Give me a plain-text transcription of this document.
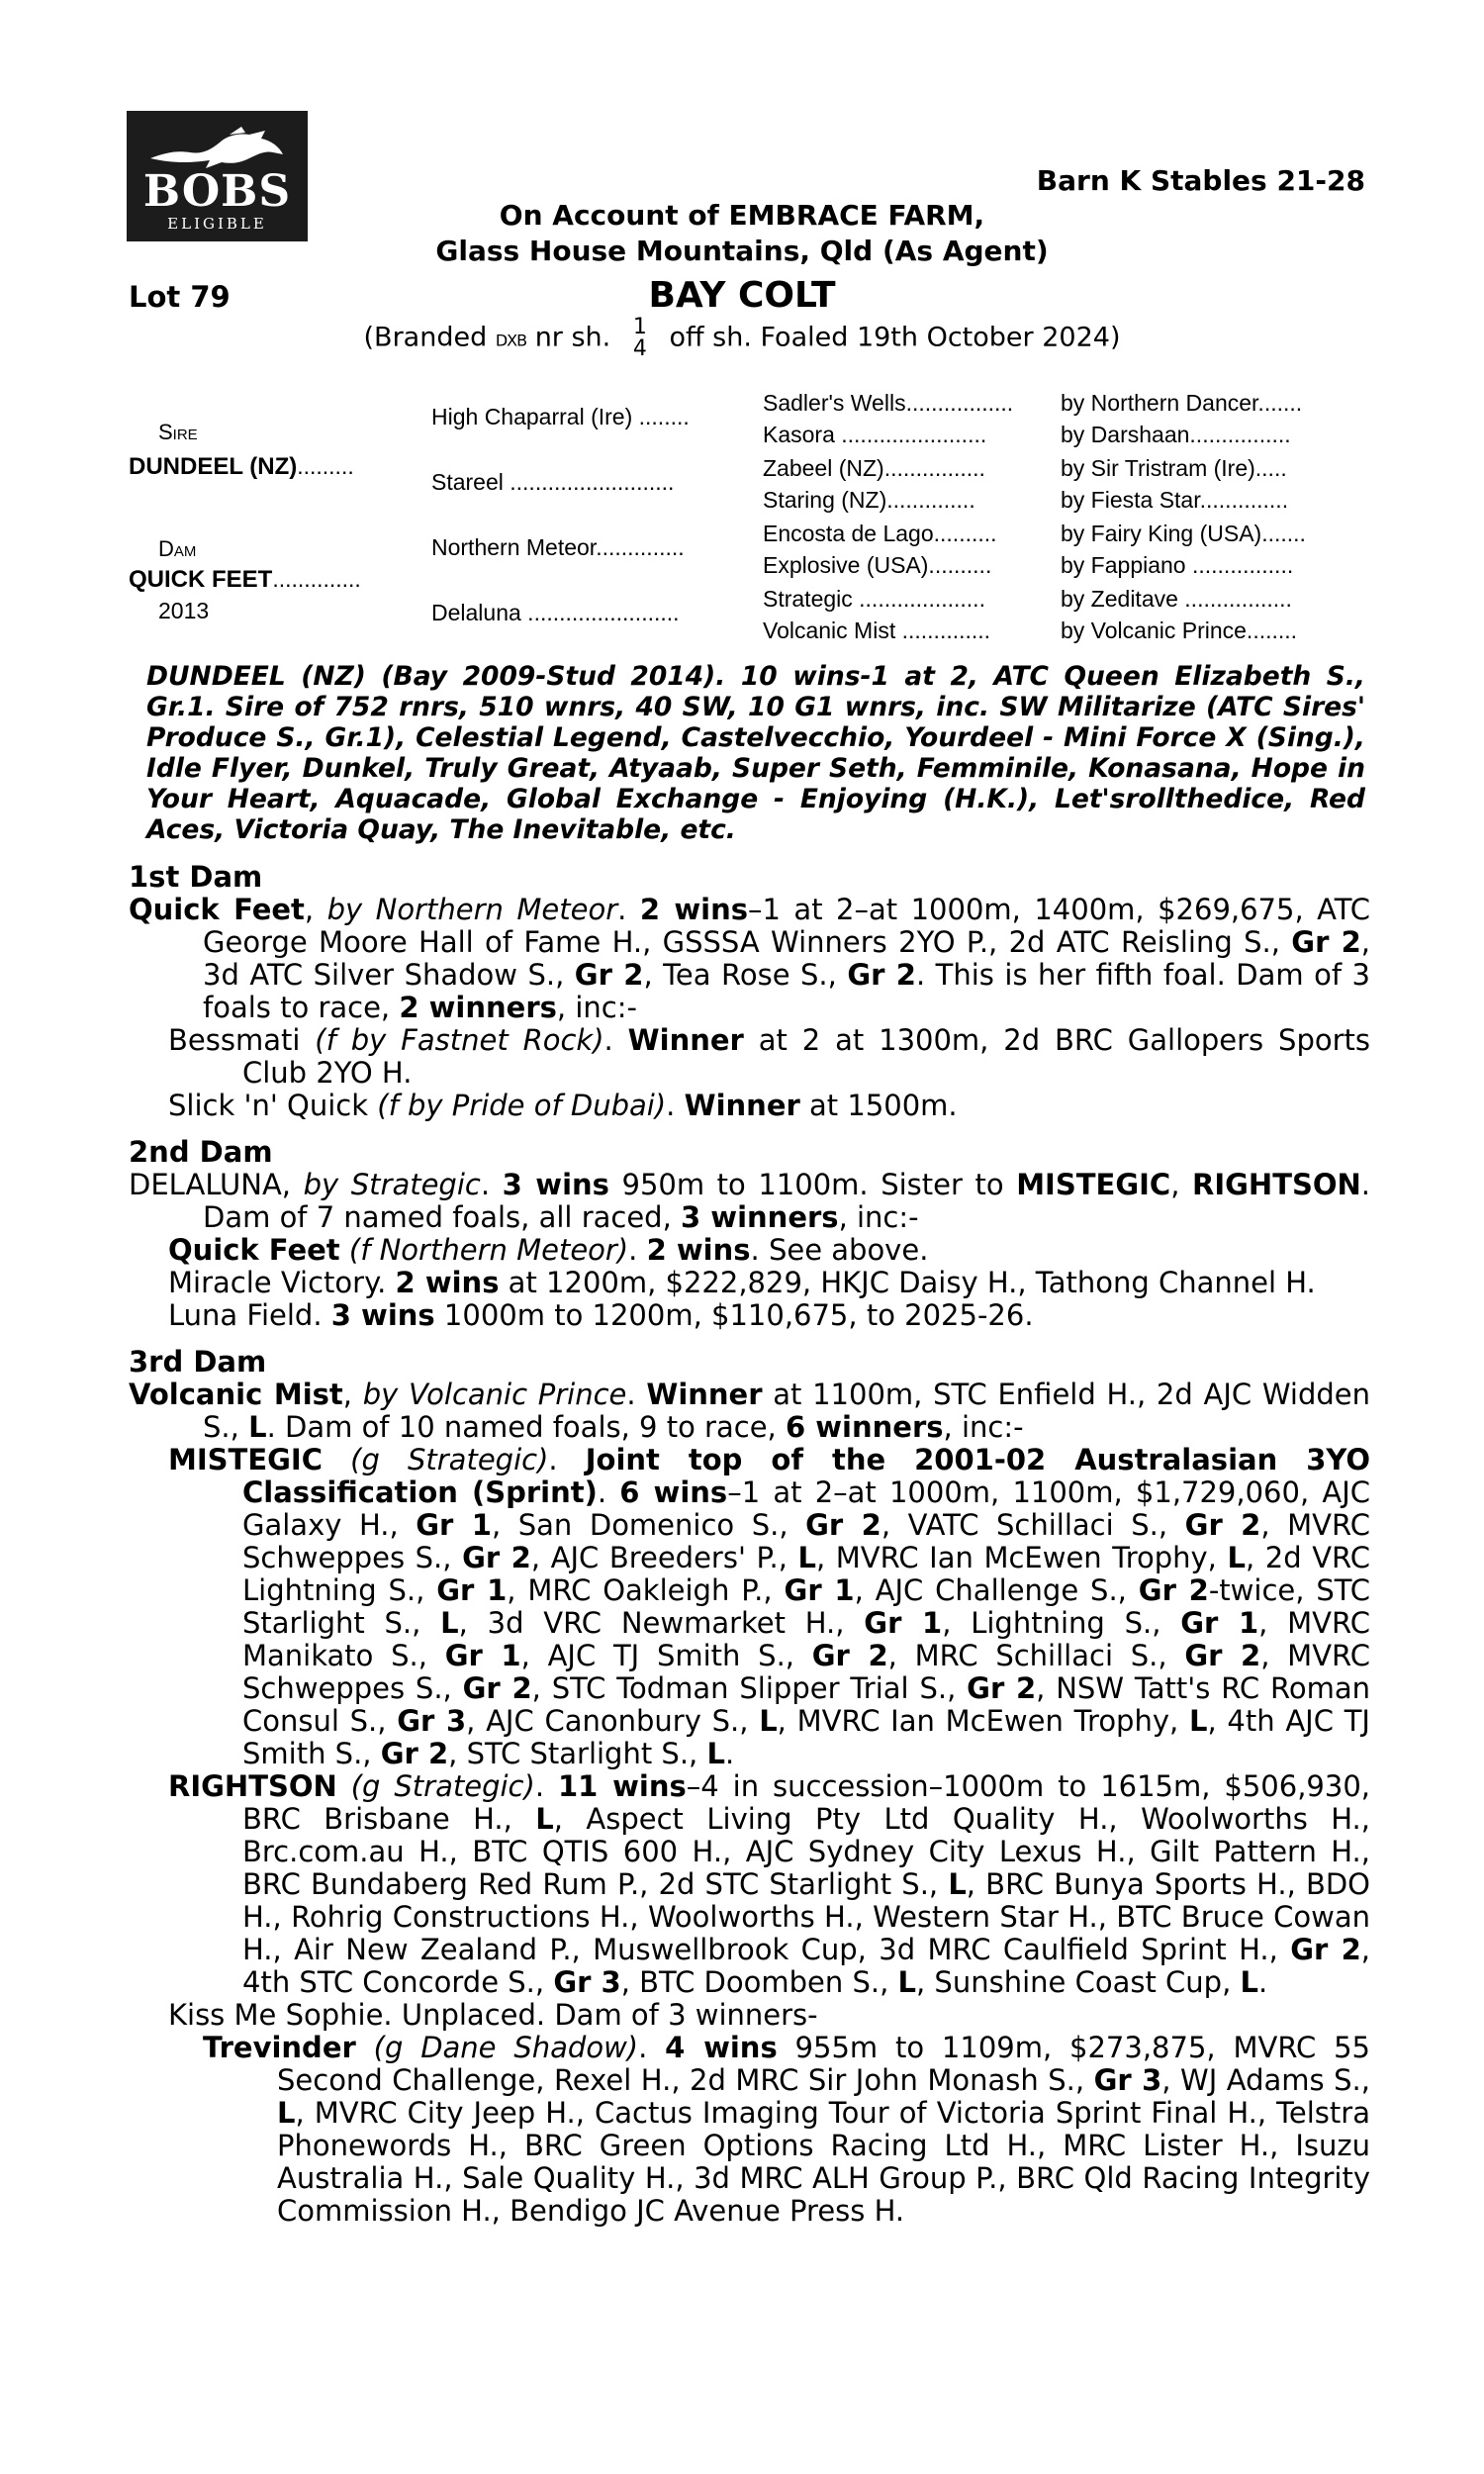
BOBS
ELIGIBLE
Barn K Stables 21-28
On Account of EMBRACE FARM,
Glass House Mountains, Qld (As Agent)
Lot 79	BAY COLT
(Branded DXB nr sh. 1
4 off sh. Foaled 19th October 2024)
Sire
DUNDEEL (NZ).........
Dam
QUICK FEET..............
2013
High Chaparral (Ire) ........
Stareel ..........................
Northern Meteor..............
Delaluna ........................
Sadler's Wells.................
Kasora .......................
Zabeel (NZ)................
Staring (NZ)..............
Encosta de Lago..........
Explosive (USA)..........
Strategic ....................
Volcanic Mist ..............
by Northern Dancer.......
by Darshaan................
by Sir Tristram (Ire).....
by Fiesta Star..............
by Fairy King (USA).......
by Fappiano ................
by Zeditave .................
by Volcanic Prince........
DUNDEEL (NZ) (Bay 2009-Stud 2014). 10 wins-1 at 2, ATC Queen Elizabeth S., Gr.1. Sire of 752 rnrs, 510 wnrs, 40 SW, 10 G1 wnrs, inc. SW Militarize (ATC Sires' Produce S., Gr.1), Celestial Legend, Castelvecchio, Yourdeel - Mini Force X (Sing.), Idle Flyer, Dunkel, Truly Great, Atyaab, Super Seth, Femminile, Konasana, Hope in Your Heart, Aquacade, Global Exchange - Enjoying (H.K.), Let'srollthedice, Red Aces, Victoria Quay, The Inevitable, etc.
1st Dam
Quick Feet, by Northern Meteor. 2 wins–1 at 2–at 1000m, 1400m, $269,675, ATC George Moore Hall of Fame H., GSSSA Winners 2YO P., 2d ATC Reisling S., Gr 2, 3d ATC Silver Shadow S., Gr 2, Tea Rose S., Gr 2. This is her fifth foal. Dam of 3 foals to race, 2 winners, inc:-
Bessmati (f by Fastnet Rock). Winner at 2 at 1300m, 2d BRC Gallopers Sports Club 2YO H.
Slick 'n' Quick (f by Pride of Dubai). Winner at 1500m.
2nd Dam
DELALUNA, by Strategic. 3 wins 950m to 1100m. Sister to MISTEGIC, RIGHTSON. Dam of 7 named foals, all raced, 3 winners, inc:-
Quick Feet (f Northern Meteor). 2 wins. See above.
Miracle Victory. 2 wins at 1200m, $222,829, HKJC Daisy H., Tathong Channel H.
Luna Field. 3 wins 1000m to 1200m, $110,675, to 2025-26.
3rd Dam
Volcanic Mist, by Volcanic Prince. Winner at 1100m, STC Enfield H., 2d AJC Widden S., L. Dam of 10 named foals, 9 to race, 6 winners, inc:-
MISTEGIC (g Strategic). Joint top of the 2001-02 Australasian 3YO Classification (Sprint). 6 wins–1 at 2–at 1000m, 1100m, $1,729,060, AJC Galaxy H., Gr 1, San Domenico S., Gr 2, VATC Schillaci S., Gr 2, MVRC Schweppes S., Gr 2, AJC Breeders' P., L, MVRC Ian McEwen Trophy, L, 2d VRC Lightning S., Gr 1, MRC Oakleigh P., Gr 1, AJC Challenge S., Gr 2-twice, STC Starlight S., L, 3d VRC Newmarket H., Gr 1, Lightning S., Gr 1, MVRC Manikato S., Gr 1, AJC TJ Smith S., Gr 2, MRC Schillaci S., Gr 2, MVRC Schweppes S., Gr 2, STC Todman Slipper Trial S., Gr 2, NSW Tatt's RC Roman Consul S., Gr 3, AJC Canonbury S., L, MVRC Ian McEwen Trophy, L, 4th AJC TJ Smith S., Gr 2, STC Starlight S., L.
RIGHTSON (g Strategic). 11 wins–4 in succession–1000m to 1615m, $506,930, BRC Brisbane H., L, Aspect Living Pty Ltd Quality H., Woolworths H., Brc.com.au H., BTC QTIS 600 H., AJC Sydney City Lexus H., Gilt Pattern H., BRC Bundaberg Red Rum P., 2d STC Starlight S., L, BRC Bunya Sports H., BDO H., Rohrig Constructions H., Woolworths H., Western Star H., BTC Bruce Cowan H., Air New Zealand P., Muswellbrook Cup, 3d MRC Caulfield Sprint H., Gr 2, 4th STC Concorde S., Gr 3, BTC Doomben S., L, Sunshine Coast Cup, L.
Kiss Me Sophie. Unplaced. Dam of 3 winners-
Trevinder (g Dane Shadow). 4 wins 955m to 1109m, $273,875, MVRC 55 Second Challenge, Rexel H., 2d MRC Sir John Monash S., Gr 3, WJ Adams S., L, MVRC City Jeep H., Cactus Imaging Tour of Victoria Sprint Final H., Telstra Phonewords H., BRC Green Options Racing Ltd H., MRC Lister H., Isuzu Australia H., Sale Quality H., 3d MRC ALH Group P., BRC Qld Racing Integrity Commission H., Bendigo JC Avenue Press H.
